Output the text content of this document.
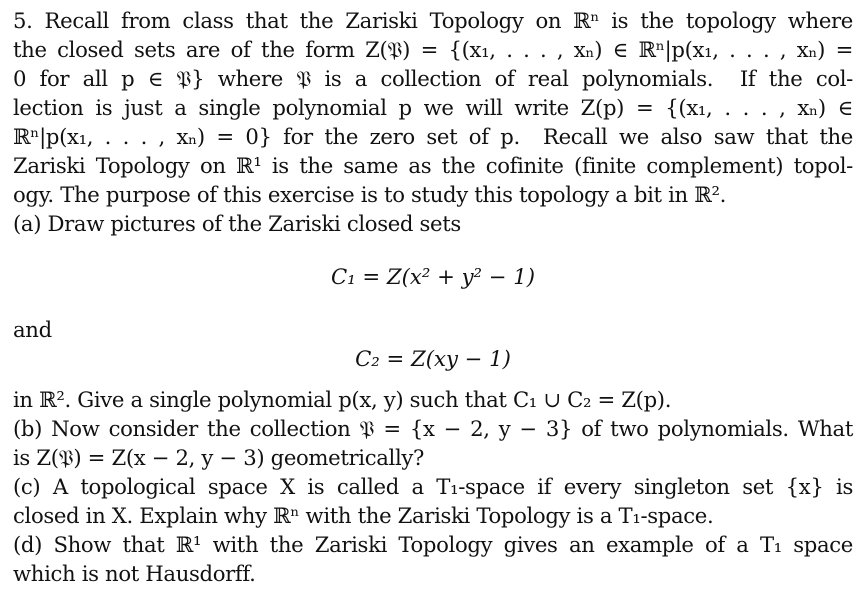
5. Recall from class that the Zariski Topology on ℝⁿ is the topology where
the closed sets are of the form Z(𝔓) = {(x₁, . . . , xₙ) ∈ ℝⁿ|p(x₁, . . . , xₙ) =
0 for all p ∈ 𝔓} where 𝔓 is a collection of real polynomials.  If the col-
lection is just a single polynomial p we will write Z(p) = {(x₁, . . . , xₙ) ∈
ℝⁿ|p(x₁, . . . , xₙ) = 0} for the zero set of p.  Recall we also saw that the
Zariski Topology on ℝ¹ is the same as the cofinite (finite complement) topol-
ogy. The purpose of this exercise is to study this topology a bit in ℝ².
(a) Draw pictures of the Zariski closed sets
C₁ = Z(x² + y² − 1)
and
C₂ = Z(xy − 1)
in ℝ². Give a single polynomial p(x, y) such that C₁ ∪ C₂ = Z(p).
(b) Now consider the collection 𝔓 = {x − 2, y − 3} of two polynomials. What
is Z(𝔓) = Z(x − 2, y − 3) geometrically?
(c) A topological space X is called a T₁-space if every singleton set {x} is
closed in X. Explain why ℝⁿ with the Zariski Topology is a T₁-space.
(d) Show that ℝ¹ with the Zariski Topology gives an example of a T₁ space
which is not Hausdorff.
